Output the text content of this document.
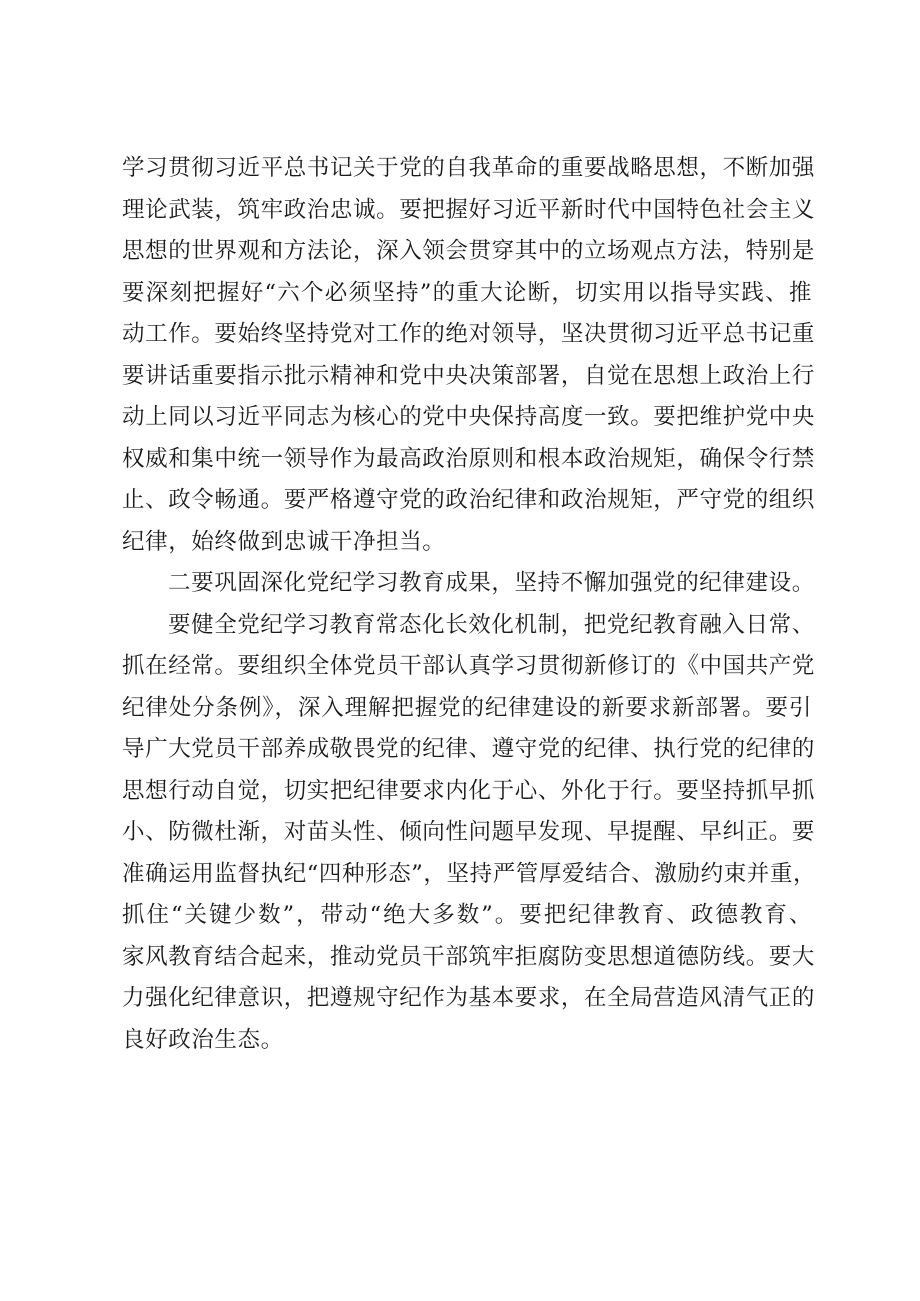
学习贯彻习近平总书记关于党的自我革命的重要战略思想，不断加强
理论武装，筑牢政治忠诚。要把握好习近平新时代中国特色社会主义
思想的世界观和方法论，深入领会贯穿其中的立场观点方法，特别是
要深刻把握好“六个必须坚持”的重大论断，切实用以指导实践、推
动工作。要始终坚持党对工作的绝对领导，坚决贯彻习近平总书记重
要讲话重要指示批示精神和党中央决策部署，自觉在思想上政治上行
动上同以习近平同志为核心的党中央保持高度一致。要把维护党中央
权威和集中统一领导作为最高政治原则和根本政治规矩，确保令行禁
止、政令畅通。要严格遵守党的政治纪律和政治规矩，严守党的组织
纪律，始终做到忠诚干净担当。
二要巩固深化党纪学习教育成果，坚持不懈加强党的纪律建设。
要健全党纪学习教育常态化长效化机制，把党纪教育融入日常、
抓在经常。要组织全体党员干部认真学习贯彻新修订的《中国共产党
纪律处分条例》，深入理解把握党的纪律建设的新要求新部署。要引
导广大党员干部养成敬畏党的纪律、遵守党的纪律、执行党的纪律的
思想行动自觉，切实把纪律要求内化于心、外化于行。要坚持抓早抓
小、防微杜渐，对苗头性、倾向性问题早发现、早提醒、早纠正。要
准确运用监督执纪“四种形态”，坚持严管厚爱结合、激励约束并重，
抓住“关键少数”，带动“绝大多数”。要把纪律教育、政德教育、
家风教育结合起来，推动党员干部筑牢拒腐防变思想道德防线。要大
力强化纪律意识，把遵规守纪作为基本要求，在全局营造风清气正的
良好政治生态。
